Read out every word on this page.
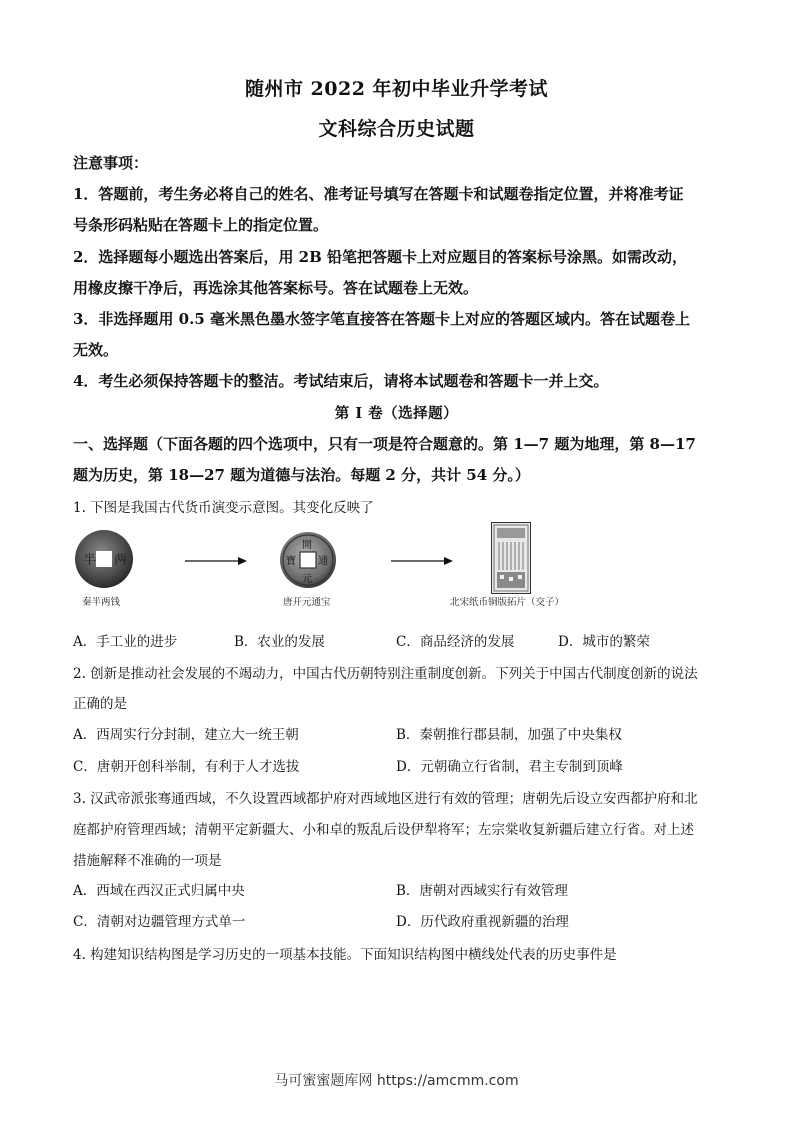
随州市 2022 年初中毕业升学考试
文科综合历史试题
注意事项：
1．答题前，考生务必将自己的姓名、准考证号填写在答题卡和试题卷指定位置，并将准考证
号条形码粘贴在答题卡上的指定位置。
2．选择题每小题选出答案后，用 2B 铅笔把答题卡上对应题目的答案标号涂黑。如需改动，
用橡皮擦干净后，再选涂其他答案标号。答在试题卷上无效。
3．非选择题用 0.5 毫米黑色墨水签字笔直接答在答题卡上对应的答题区域内。答在试题卷上
无效。
4．考生必须保持答题卡的整洁。考试结束后，请将本试题卷和答题卡一并上交。
第 I 卷（选择题）
一、选择题（下面各题的四个选项中，只有一项是符合题意的。第 1—7 题为地理，第 8—17
题为历史，第 18—27 题为道德与法治。每题 2 分，共计 54 分。）
1. 下图是我国古代货币演变示意图。其变化反映了
半 两
秦半两钱
開
元
通
寶
唐开元通宝	北宋纸币铜版拓片（交子）
A．手工业的进步	B．农业的发展	C．商品经济的发展	D．城市的繁荣
2. 创新是推动社会发展的不竭动力，中国古代历朝特别注重制度创新。下列关于中国古代制度创新的说法
正确的是
A．西周实行分封制，建立大一统王朝	B．秦朝推行郡县制，加强了中央集权
C．唐朝开创科举制，有利于人才选拔	D．元朝确立行省制，君主专制到顶峰
3. 汉武帝派张骞通西域，不久设置西域都护府对西域地区进行有效的管理；唐朝先后设立安西都护府和北
庭都护府管理西域；清朝平定新疆大、小和卓的叛乱后设伊犁将军；左宗棠收复新疆后建立行省。对上述
措施解释不准确的一项是
A．西域在西汉正式归属中央	B．唐朝对西域实行有效管理
C．清朝对边疆管理方式单一	D．历代政府重视新疆的治理
4. 构建知识结构图是学习历史的一项基本技能。下面知识结构图中横线处代表的历史事件是
马可蜜蜜题库网 https://amcmm.com
